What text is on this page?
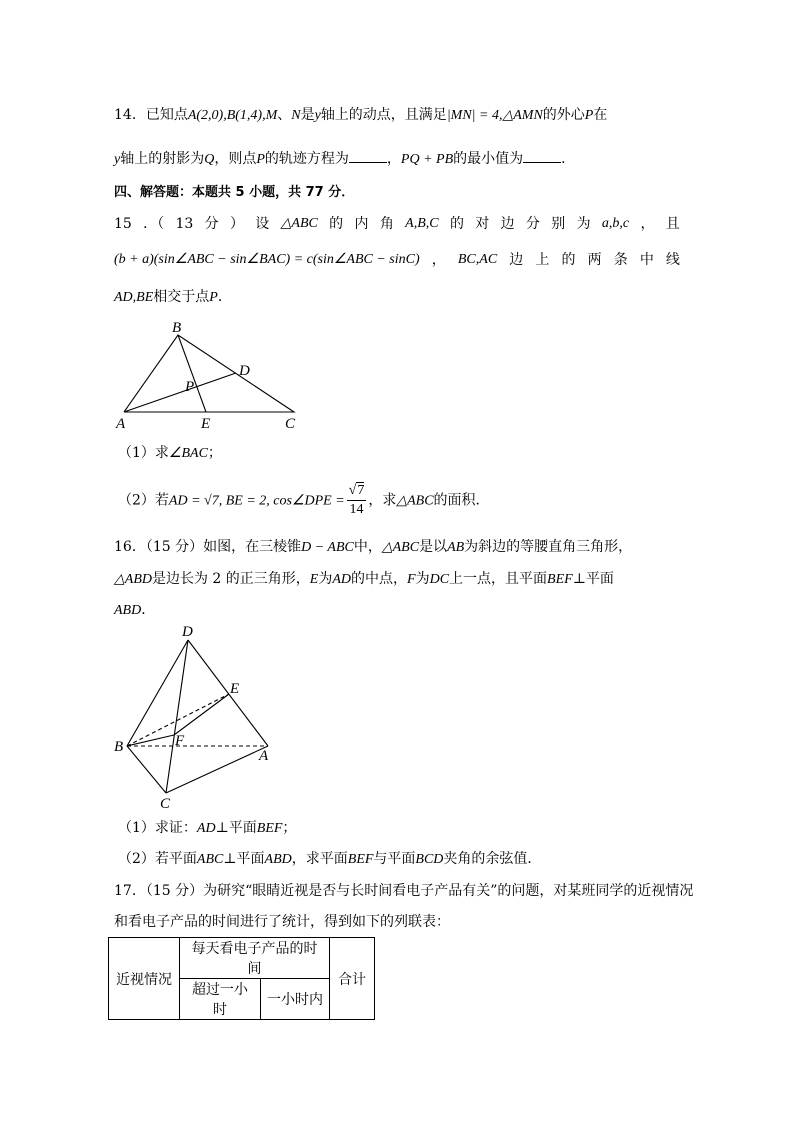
14．已知点A(2,0),B(1,4),M、N是y轴上的动点，且满足|MN| = 4,△AMN的外心P在
y轴上的射影为Q，则点P的轨迹方程为	，PQ + PB的最小值为	．
四、解答题：本题共 5 小题，共 77 分．
15 ．（ 13 分 ） 设 △ABC 的 内 角 A,B,C 的 对 边 分 别 为 a,b,c ， 且
(b + a)(sin∠ABC − sin∠BAC) = c(sin∠ABC − sinC) ， BC,AC 边 上 的 两 条 中 线
AD,BE相交于点P．
B
D
P
A	E	C
（1）求∠BAC；
（2）若AD = √7, BE = 2, cos∠DPE = $\frac{√7}{14}$ ，求△ABC的面积．
16．（15 分）如图，在三棱锥D − ABC中，△ABC是以AB为斜边的等腰直角三角形，
△ABD是边长为 2 的正三角形，E为AD的中点，F为DC上一点，且平面BEF⊥平面
ABD．
D
E
B	F
A
C
（1）求证：AD⊥平面BEF；
（2）若平面ABC⊥平面ABD，求平面BEF与平面BCD夹角的余弦值．
17．（15 分）为研究“眼睛近视是否与长时间看电子产品有关”的问题，对某班同学的近视情况
和看电子产品的时间进行了统计，得到如下的列联表：
近视情况	每天看电子产品的时间		合计
	超过一小时	一小时内	
